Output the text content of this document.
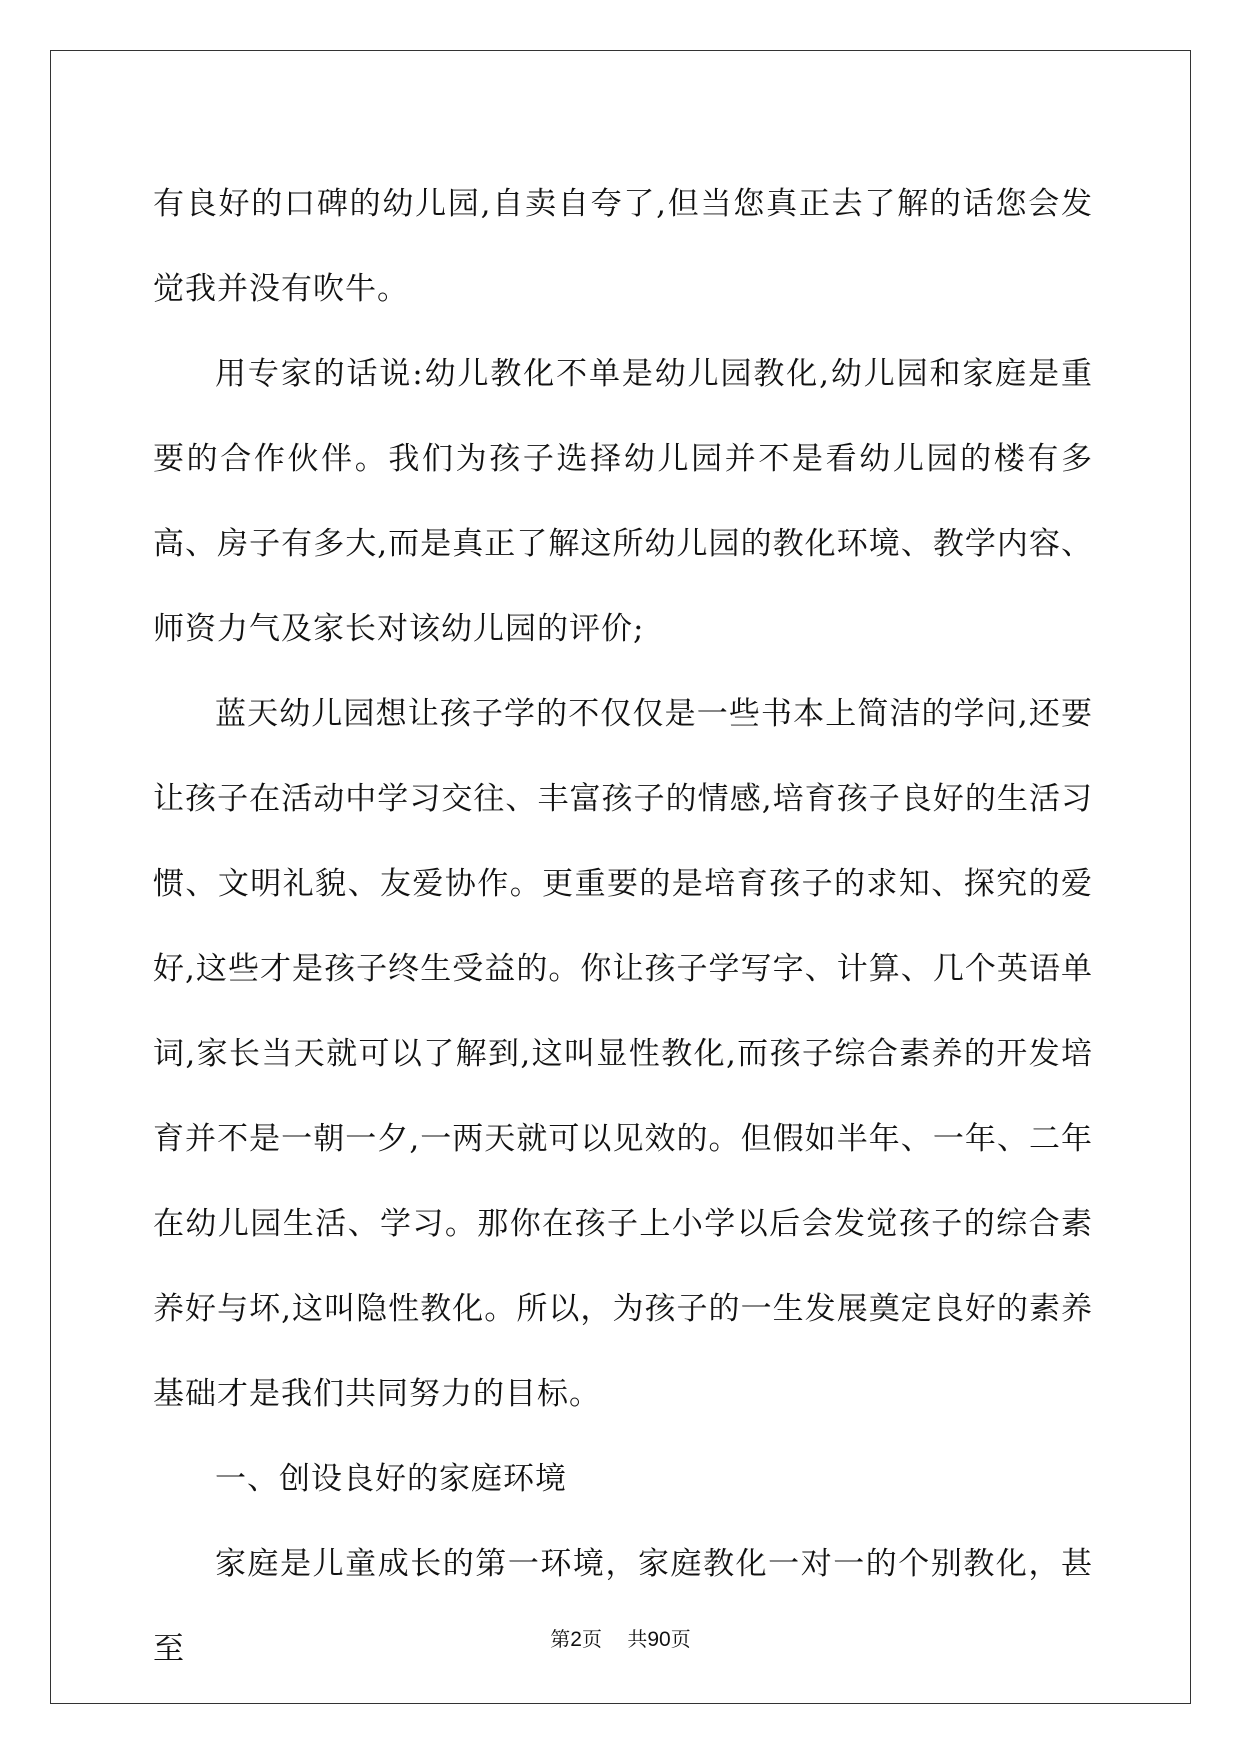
有良好的口碑的幼儿园,自卖自夸了,但当您真正去了解的话您会发觉我并没有吹牛。

用专家的话说:幼儿教化不单是幼儿园教化,幼儿园和家庭是重要的合作伙伴。我们为孩子选择幼儿园并不是看幼儿园的楼有多高、房子有多大,而是真正了解这所幼儿园的教化环境、教学内容、师资力气及家长对该幼儿园的评价;

蓝天幼儿园想让孩子学的不仅仅是一些书本上简洁的学问,还要让孩子在活动中学习交往、丰富孩子的情感,培育孩子良好的生活习惯、文明礼貌、友爱协作。更重要的是培育孩子的求知、探究的爱好,这些才是孩子终生受益的。你让孩子学写字、计算、几个英语单词,家长当天就可以了解到,这叫显性教化,而孩子综合素养的开发培育并不是一朝一夕,一两天就可以见效的。但假如半年、一年、二年在幼儿园生活、学习。那你在孩子上小学以后会发觉孩子的综合素养好与坏,这叫隐性教化。所以，为孩子的一生发展奠定良好的素养基础才是我们共同努力的目标。

一、创设良好的家庭环境

家庭是儿童成长的第一环境，家庭教化一对一的个别教化，甚至	第2页 共90页
